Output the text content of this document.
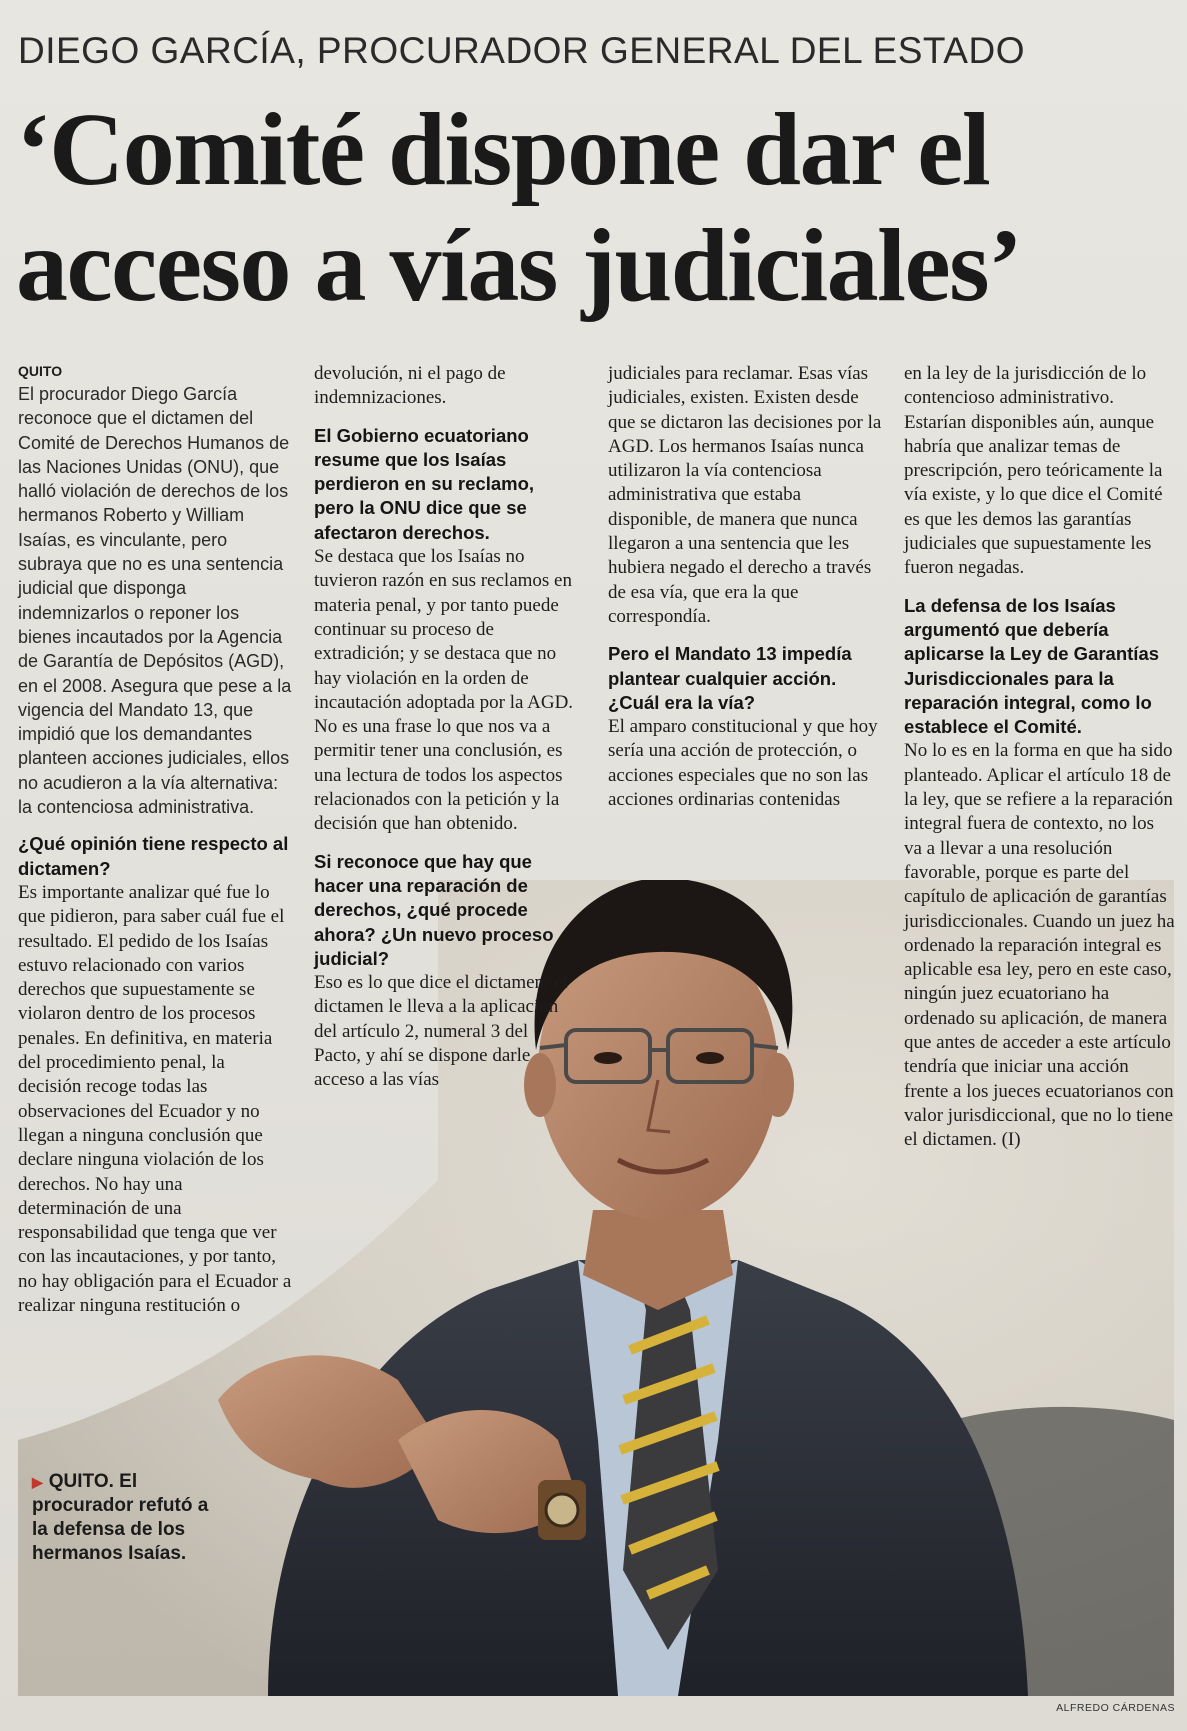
DIEGO GARCÍA, PROCURADOR GENERAL DEL ESTADO
‘Comité dispone dar el acceso a vías judiciales’

QUITO

El procurador Diego García reconoce que el dictamen del Comité de Derechos Humanos de las Naciones Unidas (ONU), que halló violación de derechos de los hermanos Roberto y William Isaías, es vinculante, pero subraya que no es una sentencia judicial que disponga indemnizarlos o reponer los bienes incautados por la Agencia de Garantía de Depósitos (AGD), en el 2008. Asegura que pese a la vigencia del Mandato 13, que impidió que los demandantes planteen acciones judiciales, ellos no acudieron a la vía alternativa: la contenciosa administrativa.

¿Qué opinión tiene respecto al dictamen?

Es importante analizar qué fue lo que pidieron, para saber cuál fue el resultado. El pedido de los Isaías estuvo relacionado con varios derechos que supuestamente se violaron dentro de los procesos penales. En definitiva, en materia del procedimiento penal, la decisión recoge todas las observaciones del Ecuador y no llegan a ninguna conclusión que declare ninguna violación de los derechos. No hay una determinación de una responsabilidad que tenga que ver con las incautaciones, y por tanto, no hay obligación para el Ecuador a realizar ninguna restitución o

devolución, ni el pago de indemnizaciones.

El Gobierno ecuatoriano resume que los Isaías perdieron en su reclamo, pero la ONU dice que se afectaron derechos.

Se destaca que los Isaías no tuvieron razón en sus reclamos en materia penal, y por tanto puede continuar su proceso de extradición; y se destaca que no hay violación en la orden de incautación adoptada por la AGD. No es una frase lo que nos va a permitir tener una conclusión, es una lectura de todos los aspectos relacionados con la petición y la decisión que han obtenido.

Si reconoce que hay que hacer una reparación de derechos, ¿qué procede ahora? ¿Un nuevo proceso judicial?

Eso es lo que dice el dictamen; el dictamen le lleva a la aplicación del artículo 2, numeral 3 del Pacto, y ahí se dispone darle acceso a las vías

judiciales para reclamar. Esas vías judiciales, existen. Existen desde que se dictaron las decisiones por la AGD. Los hermanos Isaías nunca utilizaron la vía contenciosa administrativa que estaba disponible, de manera que nunca llegaron a una sentencia que les hubiera negado el derecho a través de esa vía, que era la que correspondía.

Pero el Mandato 13 impedía plantear cualquier acción. ¿Cuál era la vía?

El amparo constitucional y que hoy sería una acción de protección, o acciones especiales que no son las acciones ordinarias contenidas

en la ley de la jurisdicción de lo contencioso administrativo. Estarían disponibles aún, aunque habría que analizar temas de prescripción, pero teóricamente la vía existe, y lo que dice el Comité es que les demos las garantías judiciales que supuestamente les fueron negadas.

La defensa de los Isaías argumentó que debería aplicarse la Ley de Garantías Jurisdiccionales para la reparación integral, como lo establece el Comité.

No lo es en la forma en que ha sido planteado. Aplicar el artículo 18 de la ley, que se refiere a la reparación integral fuera de contexto, no los va a llevar a una resolución favorable, porque es parte del capítulo de aplicación de garantías jurisdiccionales. Cuando un juez ha ordenado la reparación integral es aplicable esa ley, pero en este caso, ningún juez ecuatoriano ha ordenado su aplicación, de manera que antes de acceder a este artículo tendría que iniciar una acción frente a los jueces ecuatorianos con valor jurisdiccional, que no lo tiene el dictamen. (I)

▶ QUITO. El procurador refutó a la defensa de los hermanos Isaías.
ALFREDO CÁRDENAS
